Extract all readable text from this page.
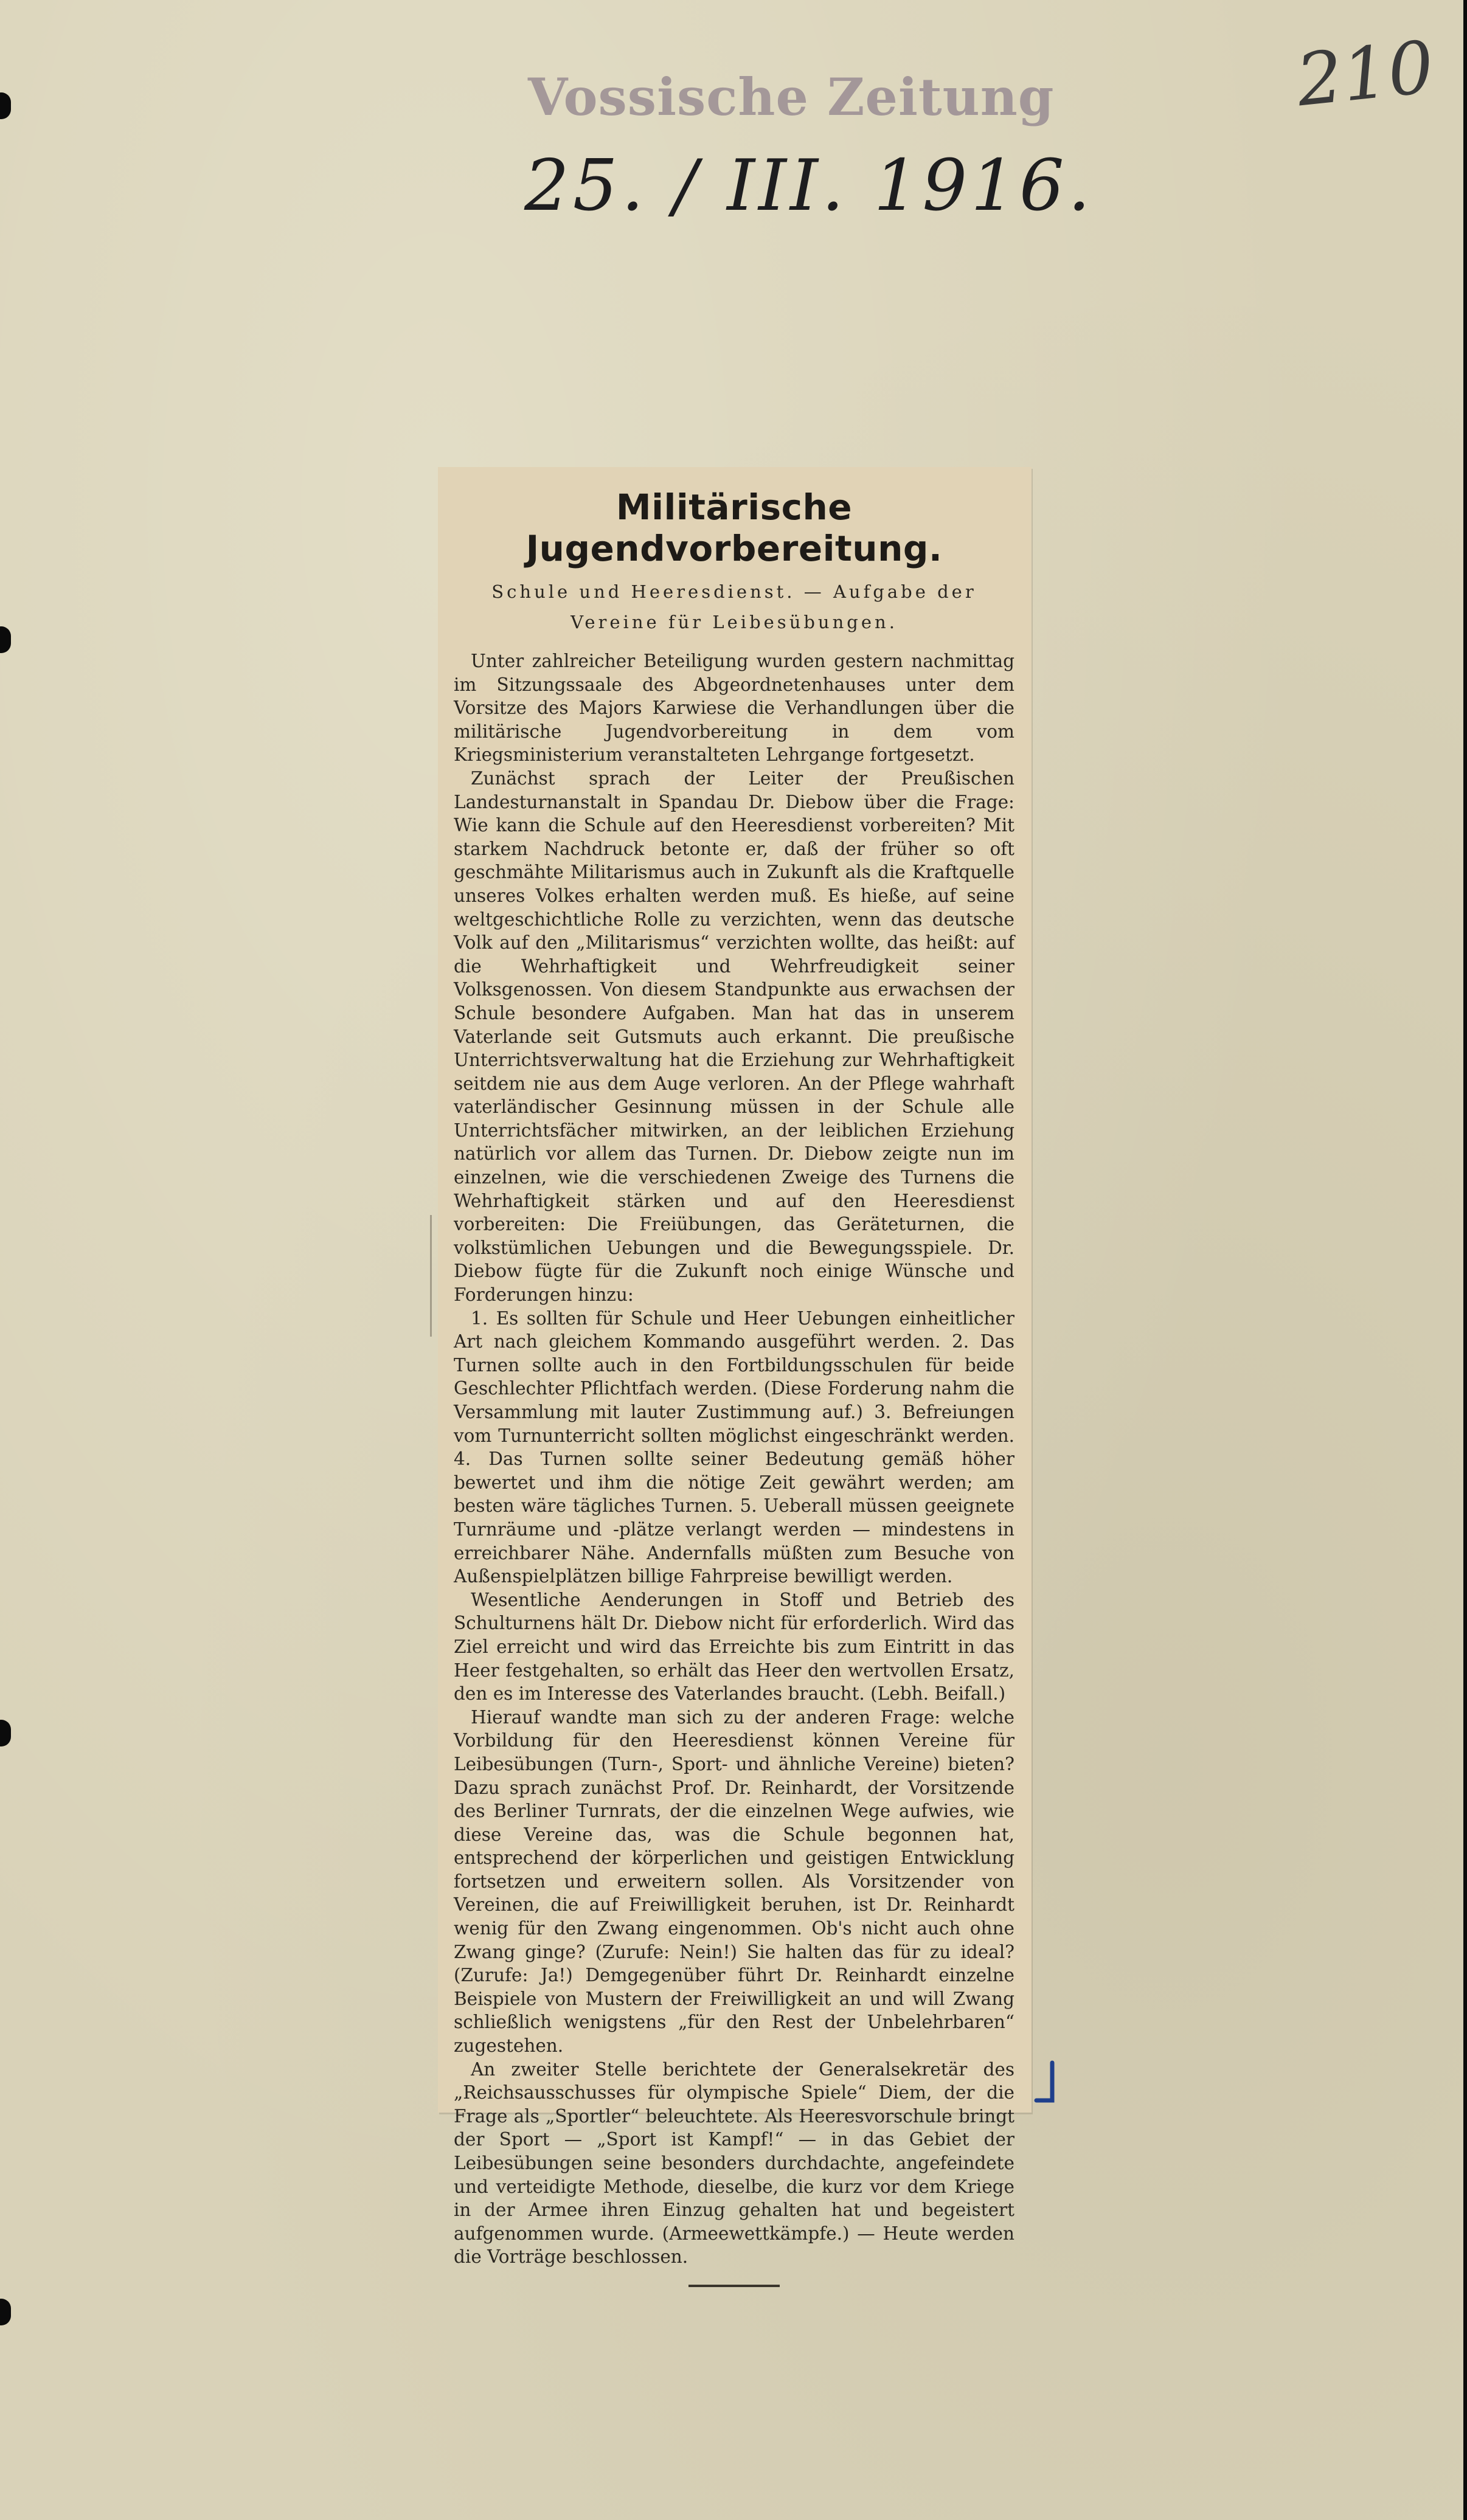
Vossische Zeitung
25. / III. 1916.
210
Militärische Jugendvorbereitung.
Schule und Heeresdienst. — Aufgabe der Vereine für Leibesübungen.

Unter zahlreicher Beteiligung wurden gestern nachmittag im Sitzungssaale des Abgeordnetenhauses unter dem Vorsitze des Majors Karwiese die Verhandlungen über die militärische Jugendvorbereitung in dem vom Kriegsministerium veranstalteten Lehrgange fortgesetzt.

Zunächst sprach der Leiter der Preußischen Landesturnanstalt in Spandau Dr. Diebow über die Frage: Wie kann die Schule auf den Heeresdienst vorbereiten? Mit starkem Nachdruck betonte er, daß der früher so oft geschmähte Militarismus auch in Zukunft als die Kraftquelle unseres Volkes erhalten werden muß. Es hieße, auf seine weltgeschichtliche Rolle zu verzichten, wenn das deutsche Volk auf den „Militarismus“ verzichten wollte, das heißt: auf die Wehrhaftigkeit und Wehrfreudigkeit seiner Volksgenossen. Von diesem Standpunkte aus erwachsen der Schule besondere Aufgaben. Man hat das in unserem Vaterlande seit Gutsmuts auch erkannt. Die preußische Unterrichtsverwaltung hat die Erziehung zur Wehrhaftigkeit seitdem nie aus dem Auge verloren. An der Pflege wahrhaft vaterländischer Gesinnung müssen in der Schule alle Unterrichtsfächer mitwirken, an der leiblichen Erziehung natürlich vor allem das Turnen. Dr. Diebow zeigte nun im einzelnen, wie die verschiedenen Zweige des Turnens die Wehrhaftigkeit stärken und auf den Heeresdienst vorbereiten: Die Freiübungen, das Geräteturnen, die volkstümlichen Uebungen und die Bewegungsspiele. Dr. Diebow fügte für die Zukunft noch einige Wünsche und Forderungen hinzu:

1. Es sollten für Schule und Heer Uebungen einheitlicher Art nach gleichem Kommando ausgeführt werden. 2. Das Turnen sollte auch in den Fortbildungsschulen für beide Geschlechter Pflichtfach werden. (Diese Forderung nahm die Versammlung mit lauter Zustimmung auf.) 3. Befreiungen vom Turnunterricht sollten möglichst eingeschränkt werden. 4. Das Turnen sollte seiner Bedeutung gemäß höher bewertet und ihm die nötige Zeit gewährt werden; am besten wäre tägliches Turnen. 5. Ueberall müssen geeignete Turnräume und -plätze verlangt werden — mindestens in erreichbarer Nähe. Andernfalls müßten zum Besuche von Außenspielplätzen billige Fahrpreise bewilligt werden.

Wesentliche Aenderungen in Stoff und Betrieb des Schulturnens hält Dr. Diebow nicht für erforderlich. Wird das Ziel erreicht und wird das Erreichte bis zum Eintritt in das Heer festgehalten, so erhält das Heer den wertvollen Ersatz, den es im Interesse des Vaterlandes braucht. (Lebh. Beifall.)

Hierauf wandte man sich zu der anderen Frage: welche Vorbildung für den Heeresdienst können Vereine für Leibesübungen (Turn-, Sport- und ähnliche Vereine) bieten? Dazu sprach zunächst Prof. Dr. Reinhardt, der Vorsitzende des Berliner Turnrats, der die einzelnen Wege aufwies, wie diese Vereine das, was die Schule begonnen hat, entsprechend der körperlichen und geistigen Entwicklung fortsetzen und erweitern sollen. Als Vorsitzender von Vereinen, die auf Freiwilligkeit beruhen, ist Dr. Reinhardt wenig für den Zwang eingenommen. Ob's nicht auch ohne Zwang ginge? (Zurufe: Nein!) Sie halten das für zu ideal? (Zurufe: Ja!) Demgegenüber führt Dr. Reinhardt einzelne Beispiele von Mustern der Freiwilligkeit an und will Zwang schließlich wenigstens „für den Rest der Unbelehrbaren“ zugestehen.

An zweiter Stelle berichtete der Generalsekretär des „Reichsausschusses für olympische Spiele“ Diem, der die Frage als „Sportler“ beleuchtete. Als Heeresvorschule bringt der Sport — „Sport ist Kampf!“ — in das Gebiet der Leibesübungen seine besonders durchdachte, angefeindete und verteidigte Methode, dieselbe, die kurz vor dem Kriege in der Armee ihren Einzug gehalten hat und begeistert aufgenommen wurde. (Armeewettkämpfe.) — Heute werden die Vorträge beschlossen.
